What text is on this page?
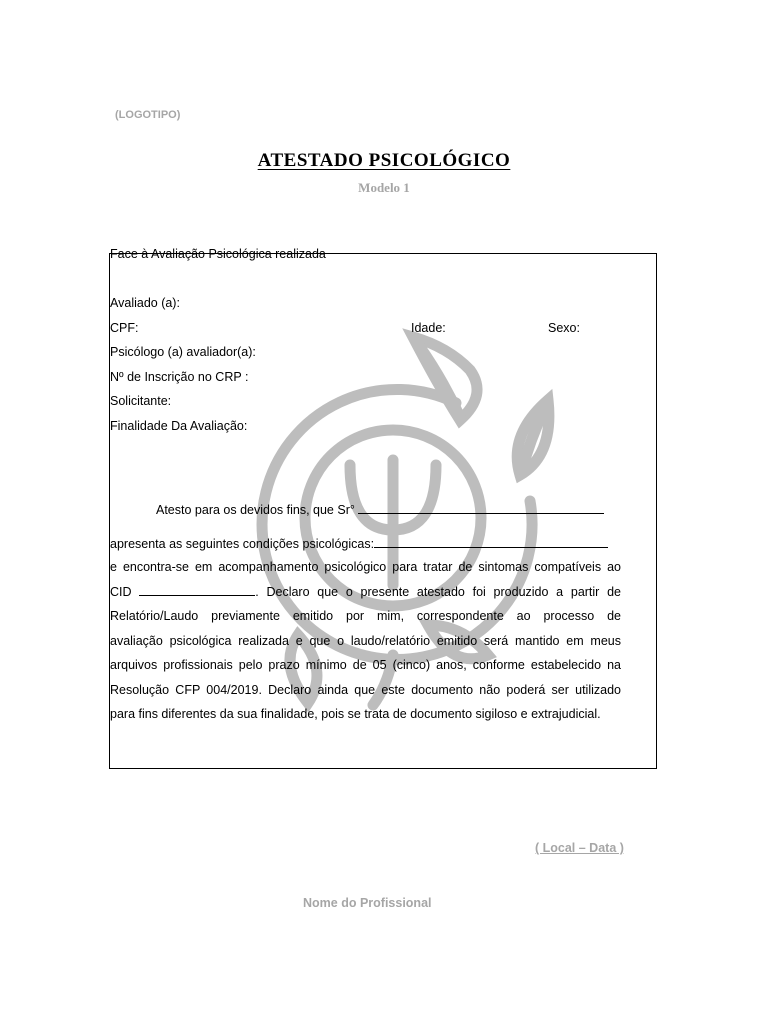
(LOGOTIPO)
ATESTADO PSICOLÓGICO
Modelo 1
Face à Avaliação Psicológica realizada
Avaliado (a):
CPF:	Idade:	Sexo:
Psicólogo (a) avaliador(a):
Nº de Inscrição no CRP :
Solicitante:
Finalidade Da Avaliação:
Atesto para os devidos fins, que Sr°
apresenta as seguintes condições psicológicas:
e encontra-se em acompanhamento psicológico para tratar de sintomas compatíveis ao
CID	. Declaro que o presente atestado foi produzido a partir de
Relatório/Laudo previamente emitido por mim, correspondente ao processo de
avaliação psicológica realizada e que o laudo/relatório emitido será mantido em meus
arquivos profissionais pelo prazo mínimo de 05 (cinco) anos, conforme estabelecido na
Resolução CFP 004/2019. Declaro ainda que este documento não poderá ser utilizado
para fins diferentes da sua finalidade, pois se trata de documento sigiloso e extrajudicial.
( Local – Data )
Nome do Profissional
